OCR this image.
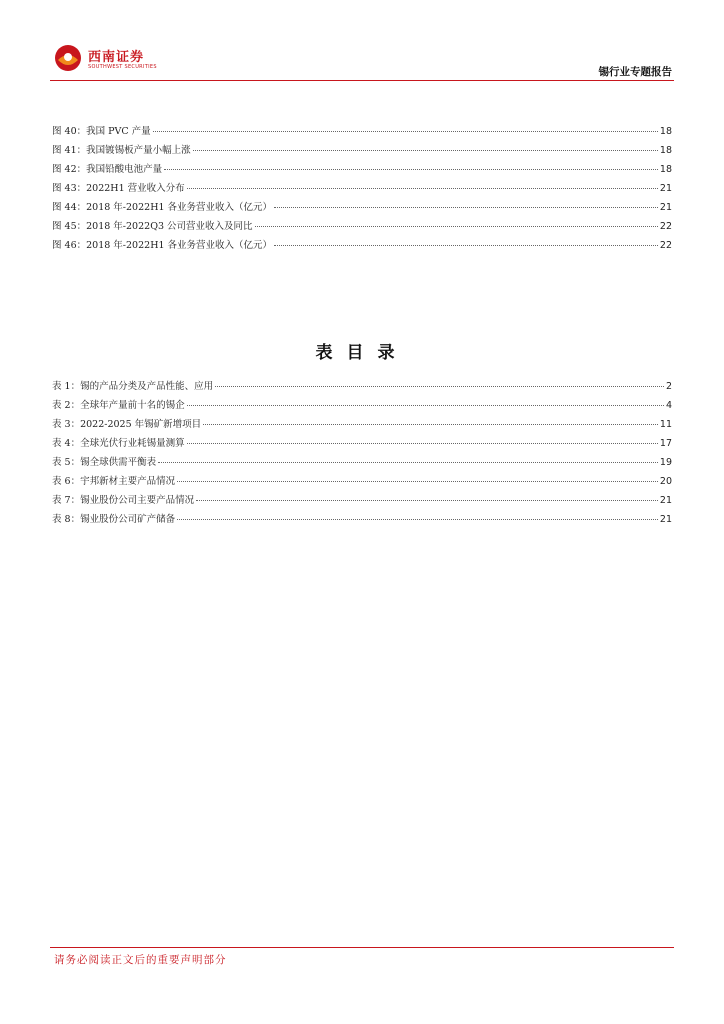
西南证券
SOUTHWEST SECURITIES	锡行业专题报告
图 40：我国 PVC 产量	18
图 41：我国镀锡板产量小幅上涨	18
图 42：我国铅酸电池产量	18
图 43：2022H1 营业收入分布	21
图 44：2018 年-2022H1 各业务营业收入（亿元）	21
图 45：2018 年-2022Q3 公司营业收入及同比	22
图 46：2018 年-2022H1 各业务营业收入（亿元）	22
表目录
表 1：锡的产品分类及产品性能、应用	2
表 2：全球年产量前十名的锡企	4
表 3：2022-2025 年锡矿新增项目	11
表 4：全球光伏行业耗锡量测算	17
表 5：锡全球供需平衡表	19
表 6：宇邦新材主要产品情况	20
表 7：锡业股份公司主要产品情况	21
表 8：锡业股份公司矿产储备	21
请务必阅读正文后的重要声明部分
